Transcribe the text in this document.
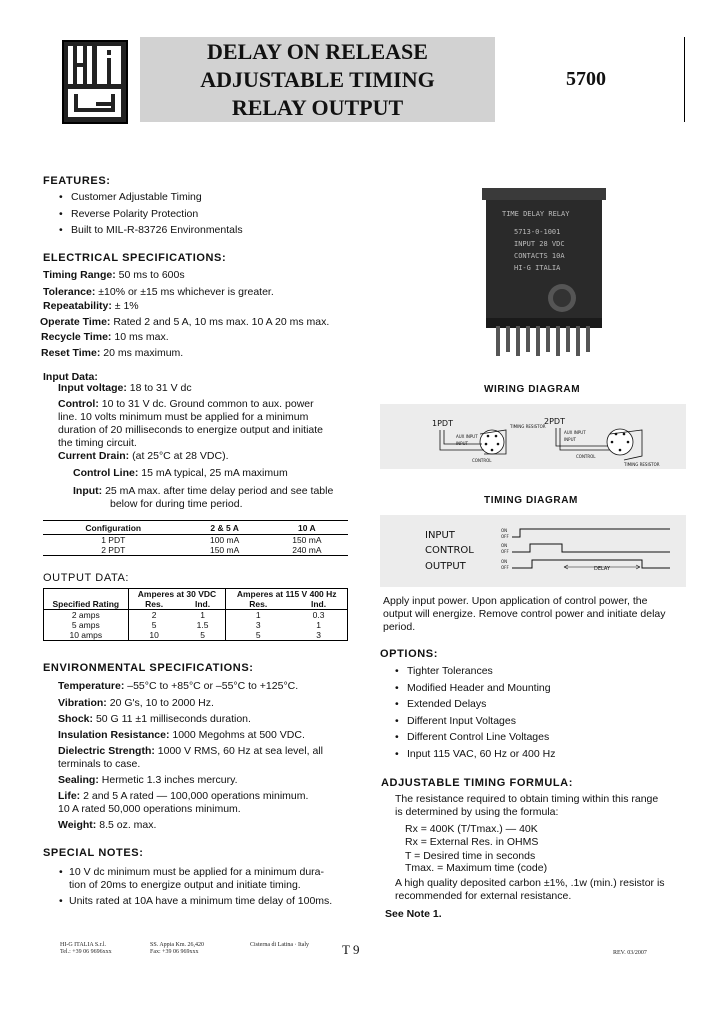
DELAY ON RELEASE
ADJUSTABLE TIMING
RELAY OUTPUT
5700
FEATURES:
• Customer Adjustable Timing
• Reverse Polarity Protection
• Built to MIL-R-83726 Environmentals
ELECTRICAL SPECIFICATIONS:
Timing Range: 50 ms to 600s
Tolerance: ±10% or ±15 ms whichever is greater.
Repeatability: ± 1%
Operate Time: Rated 2 and 5 A, 10 ms max. 10 A 20 ms max.
Recycle Time: 10 ms max.
Reset Time: 20 ms maximum.
Input Data:
Input voltage: 18 to 31 V dc
Control: 10 to 31 V dc. Ground common to aux. power
line. 10 volts minimum must be applied for a minimum
duration of 20 milliseconds to energize output and initiate
the timing circuit.
Current Drain: (at 25°C at 28 VDC).
Control Line: 15 mA typical, 25 mA maximum
Input: 25 mA max. after time delay period and see table
below for during time period.
Configuration	2 & 5 A	10 A
1 PDT	100 mA	150 mA
2 PDT	150 mA	240 mA
OUTPUT DATA:
	Amperes at 30 VDC		Amperes at 115 V 400 Hz	
Specified Rating	Res.	Ind.	Res.	Ind.
2 amps	2	1	1	0.3
5 amps	5	1.5	3	1
10 amps	10	5	5	3
ENVIRONMENTAL SPECIFICATIONS:
Temperature: –55°C to +85°C or –55°C to +125°C.
Vibration: 20 G's, 10 to 2000 Hz.
Shock: 50 G 11 ±1 milliseconds duration.
Insulation Resistance: 1000 Megohms at 500 VDC.
Dielectric Strength: 1000 V RMS, 60 Hz at sea level, all
terminals to case.
Sealing: Hermetic 1.3 inches mercury.
Life: 2 and 5 A rated — 100,000 operations minimum.
10 A rated 50,000 operations minimum.
Weight: 8.5 oz. max.
SPECIAL NOTES:
• 10 V dc minimum must be applied for a minimum dura-
tion of 20ms to energize output and initiate timing.
• Units rated at 10A have a minimum time delay of 100ms.
TIME DELAY RELAY
5713-0-1001
INPUT 28 VDC
CONTACTS 10A
HI-G ITALIA
WIRING DIAGRAM
1PDT	2PDT
AUX INPUT
INPUT
TIMING RESISTOR
CONTROL
AUX INPUT
INPUT
CONTROL
TIMING RESISTOR
TIMING DIAGRAM
INPUT
CONTROL
OUTPUT
ON
OFF
ON
OFF
ON
OFF	DELAY
Apply input power. Upon application of control power, the
output will energize. Remove control power and initiate delay
period.
OPTIONS:
• Tighter Tolerances
• Modified Header and Mounting
• Extended Delays
• Different Input Voltages
• Different Control Line Voltages
• Input 115 VAC, 60 Hz or 400 Hz
ADJUSTABLE TIMING FORMULA:
The resistance required to obtain timing within this range
is determined by using the formula:
Rx = 400K (T/Tmax.) — 40K
Rx = External Res. in OHMS
T = Desired time in seconds
Tmax. = Maximum time (code)
A high quality deposited carbon ±1%, .1w (min.) resistor is
recommended for external resistance.
See Note 1.
HI-G ITALIA S.r.l.
Tel.: +39 06 9696xxx
SS. Appia Km. 26,420
Fax: +39 06 969xxx
Cisterna di Latina · Italy	T 9	REV. 03/2007
